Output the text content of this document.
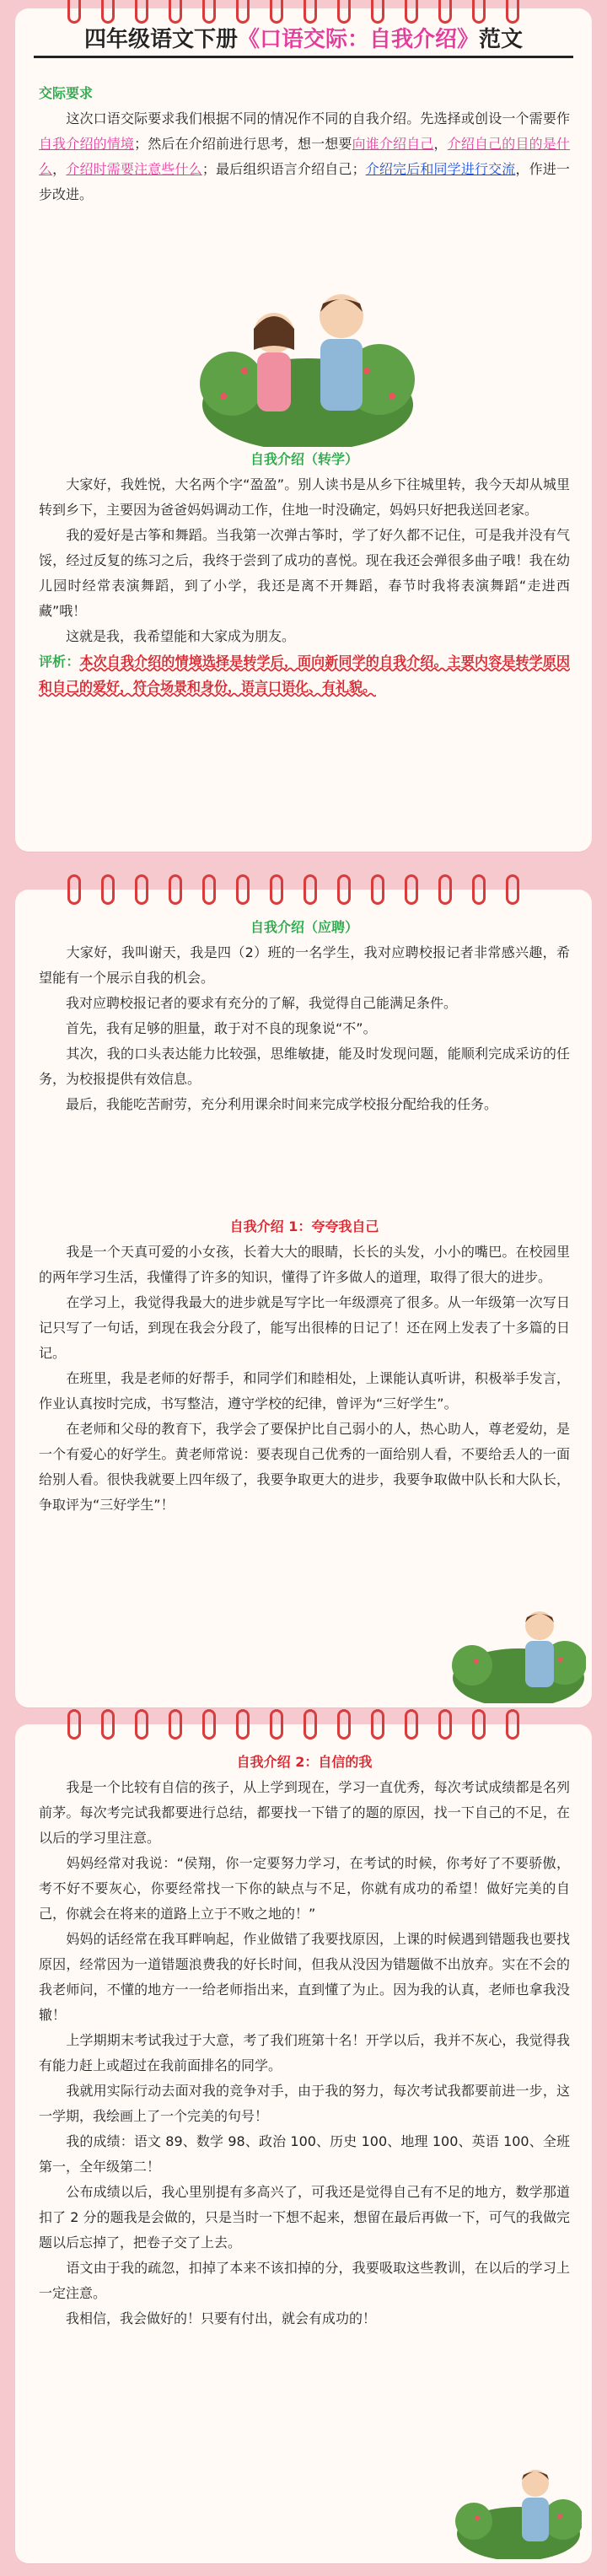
四年级语文下册《口语交际：自我介绍》范文
交际要求
　　这次口语交际要求我们根据不同的情况作不同的自我介绍。先选择或创设一个需要作自我介绍的情境；然后在介绍前进行思考，想一想要向谁介绍自己，介绍自己的目的是什么，介绍时需要注意些什么；最后组织语言介绍自己；介绍完后和同学进行交流，作进一步改进。
自我介绍（转学）
　　大家好，我姓悦，大名两个字“盈盈”。别人读书是从乡下往城里转，我今天却从城里转到乡下，主要因为爸爸妈妈调动工作，住地一时没确定，妈妈只好把我送回老家。
　　我的爱好是古筝和舞蹈。当我第一次弹古筝时，学了好久都不记住，可是我并没有气馁，经过反复的练习之后，我终于尝到了成功的喜悦。现在我还会弹很多曲子哦！我在幼儿园时经常表演舞蹈，到了小学，我还是离不开舞蹈，春节时我将表演舞蹈“走进西藏”哦！
　　这就是我，我希望能和大家成为朋友。
评析：本次自我介绍的情境选择是转学后，面向新同学的自我介绍。主要内容是转学原因和自己的爱好，符合场景和身份，语言口语化、有礼貌。
自我介绍（应聘）
　　大家好，我叫谢天，我是四（2）班的一名学生，我对应聘校报记者非常感兴趣，希望能有一个展示自我的机会。
　　我对应聘校报记者的要求有充分的了解，我觉得自己能满足条件。
　　首先，我有足够的胆量，敢于对不良的现象说“不”。
　　其次，我的口头表达能力比较强，思维敏捷，能及时发现问题，能顺利完成采访的任务，为校报提供有效信息。
　　最后，我能吃苦耐劳，充分利用课余时间来完成学校报分配给我的任务。
自我介绍 1：夸夸我自己
　　我是一个天真可爱的小女孩，长着大大的眼睛，长长的头发，小小的嘴巴。在校园里的两年学习生活，我懂得了许多的知识，懂得了许多做人的道理，取得了很大的进步。
　　在学习上，我觉得我最大的进步就是写字比一年级漂亮了很多。从一年级第一次写日记只写了一句话，到现在我会分段了，能写出很棒的日记了！还在网上发表了十多篇的日记。
　　在班里，我是老师的好帮手，和同学们和睦相处，上课能认真听讲，积极举手发言，作业认真按时完成，书写整洁，遵守学校的纪律，曾评为“三好学生”。
　　在老师和父母的教育下，我学会了要保护比自己弱小的人，热心助人，尊老爱幼，是一个有爱心的好学生。黄老师常说：要表现自己优秀的一面给别人看，不要给丢人的一面给别人看。很快我就要上四年级了，我要争取更大的进步，我要争取做中队长和大队长，争取评为“三好学生”！
自我介绍 2：自信的我
　　我是一个比较有自信的孩子，从上学到现在，学习一直优秀，每次考试成绩都是名列前茅。每次考完试我都要进行总结，都要找一下错了的题的原因，找一下自己的不足，在以后的学习里注意。
　　妈妈经常对我说：“侯翔，你一定要努力学习，在考试的时候，你考好了不要骄傲，考不好不要灰心，你要经常找一下你的缺点与不足，你就有成功的希望！做好完美的自己，你就会在将来的道路上立于不败之地的！”
　　妈妈的话经常在我耳畔响起，作业做错了我要找原因，上课的时候遇到错题我也要找原因，经常因为一道错题浪费我的好长时间，但我从没因为错题做不出放弃。实在不会的我老师问，不懂的地方一一给老师指出来，直到懂了为止。因为我的认真，老师也拿我没辙！
　　上学期期末考试我过于大意，考了我们班第十名！开学以后，我并不灰心，我觉得我有能力赶上或超过在我前面排名的同学。
　　我就用实际行动去面对我的竞争对手，由于我的努力，每次考试我都要前进一步，这一学期，我绘画上了一个完美的句号！
　　我的成绩：语文 89、数学 98、政治 100、历史 100、地理 100、英语 100、全班第一，全年级第二！
　　公布成绩以后，我心里别提有多高兴了，可我还是觉得自己有不足的地方，数学那道扣了 2 分的题我是会做的，只是当时一下想不起来，想留在最后再做一下，可气的我做完题以后忘掉了，把卷子交了上去。
　　语文由于我的疏忽，扣掉了本来不该扣掉的分，我要吸取这些教训，在以后的学习上一定注意。
　　我相信，我会做好的！只要有付出，就会有成功的！
